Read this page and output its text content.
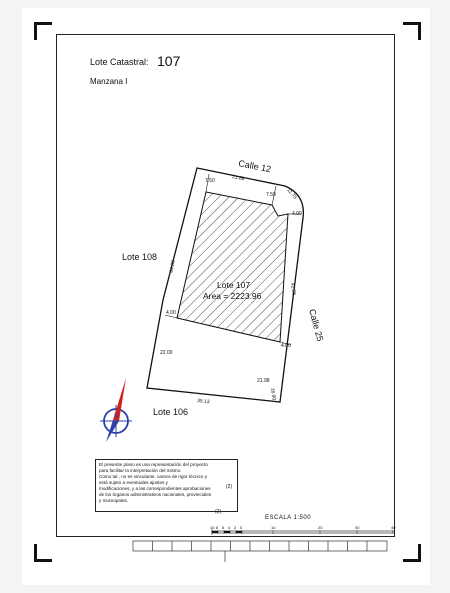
Lote Catastral: 107
Manzana I
Calle 12
Calle 25
Lote 108
Lote 106
Lote 107
Area = 2223.96
7.50	21.88
7.50 11.75
4.00
64.00
42.55
4.00
4.00
22.00
21.98
16.90
35.13
N
El presente plano es una representación del proyecto
para facilitar la interpretación del mismo.
Como tal , no es vinculante, carece de rigor técnico y
está sujeto a eventuales ajustes y
modificaciones, y a las correspondientes aprobaciones
de los órganos administrativos nacionales, provinciales
y municipales.
(2)
(2)
ESCALA 1:500
10 8 6 4 2 0	10	20	30	40
